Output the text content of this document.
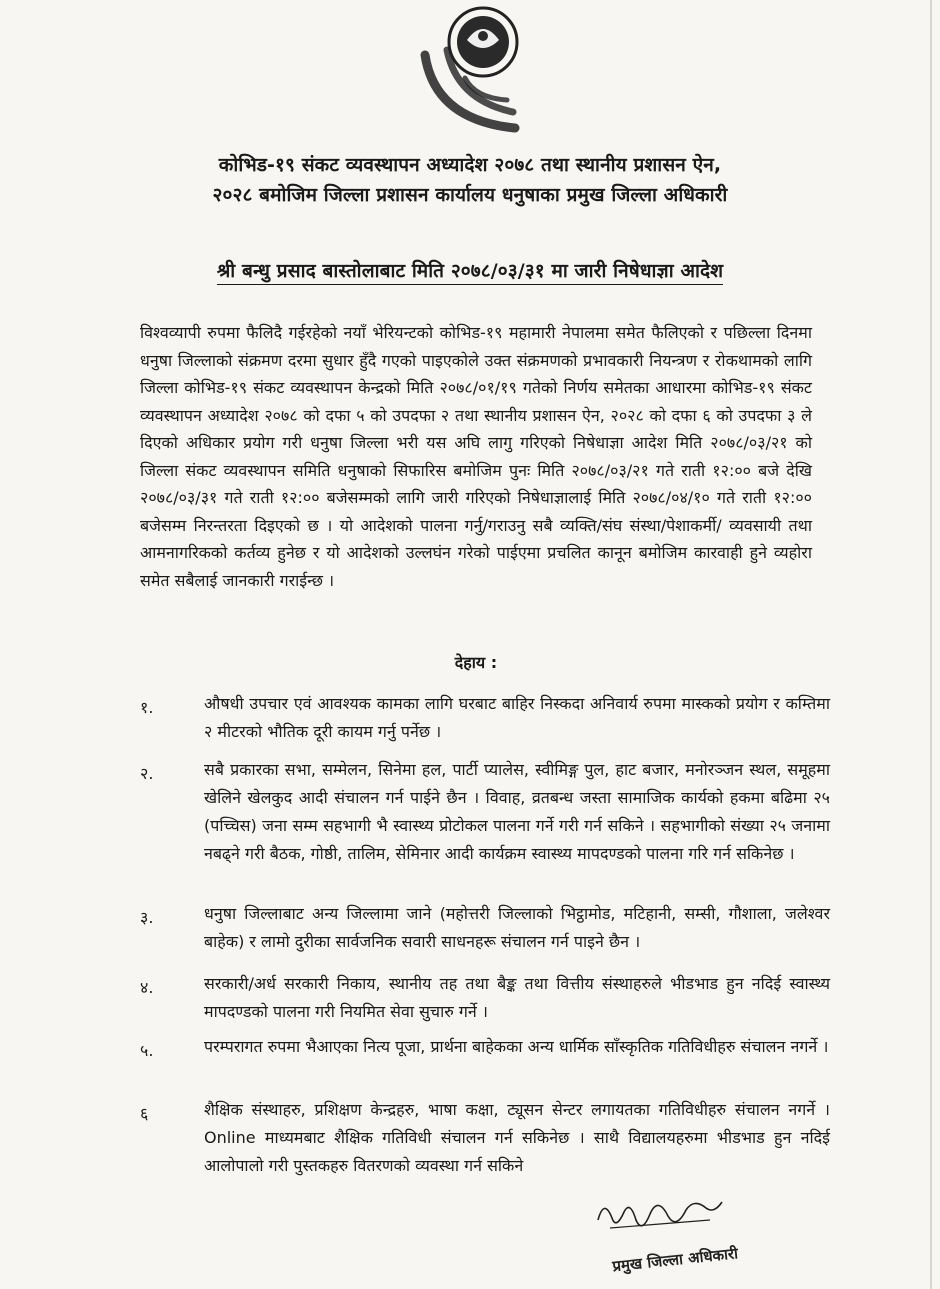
कोभिड-१९ संकट व्यवस्थापन अध्यादेश २०७८ तथा स्थानीय प्रशासन ऐन,
२०२८ बमोजिम जिल्ला प्रशासन कार्यालय धनुषाका प्रमुख जिल्ला अधिकारी
श्री बन्धु प्रसाद बास्तोलाबाट मिति २०७८/०३/३१ मा जारी निषेधाज्ञा आदेश
विश्वव्यापी रुपमा फैलिदै गईरहेको नयाँ भेरियन्टको कोभिड-१९ महामारी नेपालमा समेत फैलिएको र पछिल्ला दिनमा धनुषा जिल्लाको संक्रमण दरमा सुधार हुँदै गएको पाइएकोले उक्त संक्रमणको प्रभावकारी नियन्त्रण र रोकथामको लागि जिल्ला कोभिड-१९ संकट व्यवस्थापन केन्द्रको मिति २०७८/०१/१९ गतेको निर्णय समेतका आधारमा कोभिड-१९ संकट व्यवस्थापन अध्यादेश २०७८ को दफा ५ को उपदफा २ तथा स्थानीय प्रशासन ऐन, २०२८ को दफा ६ को उपदफा ३ ले दिएको अधिकार प्रयोग गरी धनुषा जिल्ला भरी यस अघि लागु गरिएको निषेधाज्ञा आदेश मिति २०७८/०३/२१ को जिल्ला संकट व्यवस्थापन समिति धनुषाको सिफारिस बमोजिम पुनः मिति २०७८/०३/२१ गते राती १२:०० बजे देखि २०७८/०३/३१ गते राती १२:०० बजेसम्मको लागि जारी गरिएको निषेधाज्ञालाई मिति २०७८/०४/१० गते राती १२:०० बजेसम्म निरन्तरता दिइएको छ । यो आदेशको पालना गर्नु/गराउनु सबै व्यक्ति/संघ संस्था/पेशाकर्मी/ व्यवसायी तथा आमनागरिकको कर्तव्य हुनेछ र यो आदेशको उल्लघंन गरेको पाईएमा प्रचलित कानून बमोजिम कारवाही हुने व्यहोरा समेत सबैलाई जानकारी गराईन्छ ।
देहाय :
१.	औषधी उपचार एवं आवश्यक कामका लागि घरबाट बाहिर निस्कदा अनिवार्य रुपमा मास्कको प्रयोग र कम्तिमा २ मीटरको भौतिक दूरी कायम गर्नु पर्नेछ ।
२.	सबै प्रकारका सभा, सम्मेलन, सिनेमा हल, पार्टी प्यालेस, स्वीमिङ्ग पुल, हाट बजार, मनोरञ्जन स्थल, समूहमा खेलिने खेलकुद आदी संचालन गर्न पाईने छैन । विवाह, व्रतबन्ध जस्ता सामाजिक कार्यको हकमा बढिमा २५ (पच्चिस) जना सम्म सहभागी भै स्वास्थ्य प्रोटोकल पालना गर्ने गरी गर्न सकिने । सहभागीको संख्या २५ जनामा नबढ्ने गरी बैठक, गोष्ठी, तालिम, सेमिनार आदी कार्यक्रम स्वास्थ्य मापदण्डको पालना गरि गर्न सकिनेछ ।
३.	धनुषा जिल्लाबाट अन्य जिल्लामा जाने (महोत्तरी जिल्लाको भिट्ठामोड, मटिहानी, सम्सी, गौशाला, जलेश्वर बाहेक) र लामो दुरीका सार्वजनिक सवारी साधनहरू संचालन गर्न पाइने छैन ।
४.	सरकारी/अर्ध सरकारी निकाय, स्थानीय तह तथा बैङ्क तथा वित्तीय संस्थाहरुले भीडभाड हुन नदिई स्वास्थ्य मापदण्डको पालना गरी नियमित सेवा सुचारु गर्ने ।
५.	परम्परागत रुपमा भैआएका नित्य पूजा, प्रार्थना बाहेकका अन्य धार्मिक साँस्कृतिक गतिविधीहरु संचालन नगर्ने ।
६	शैक्षिक संस्थाहरु, प्रशिक्षण केन्द्रहरु, भाषा कक्षा, ट्यूसन सेन्टर लगायतका गतिविधीहरु संचालन नगर्ने । Online माध्यमबाट शैक्षिक गतिविधी संचालन गर्न सकिनेछ । साथै विद्यालयहरुमा भीडभाड हुन नदिई आलोपालो गरी पुस्तकहरु वितरणको व्यवस्था गर्न सकिने
प्रमुख जिल्ला अधिकारी
